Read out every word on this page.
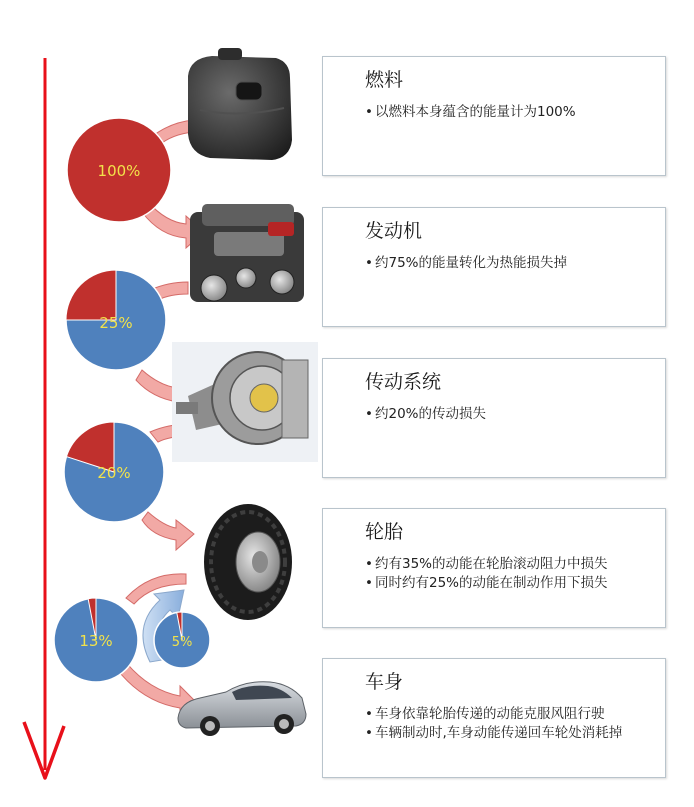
100%
25%
20%
13%	5%
燃料
• 以燃料本身蕴含的能量计为100%
发动机
• 约75%的能量转化为热能损失掉
传动系统
• 约20%的传动损失
轮胎
• 约有35%的动能在轮胎滚动阻力中损失
• 同时约有25%的动能在制动作用下损失
车身
• 车身依靠轮胎传递的动能克服风阻行驶
• 车辆制动时,车身动能传递回车轮处消耗掉
